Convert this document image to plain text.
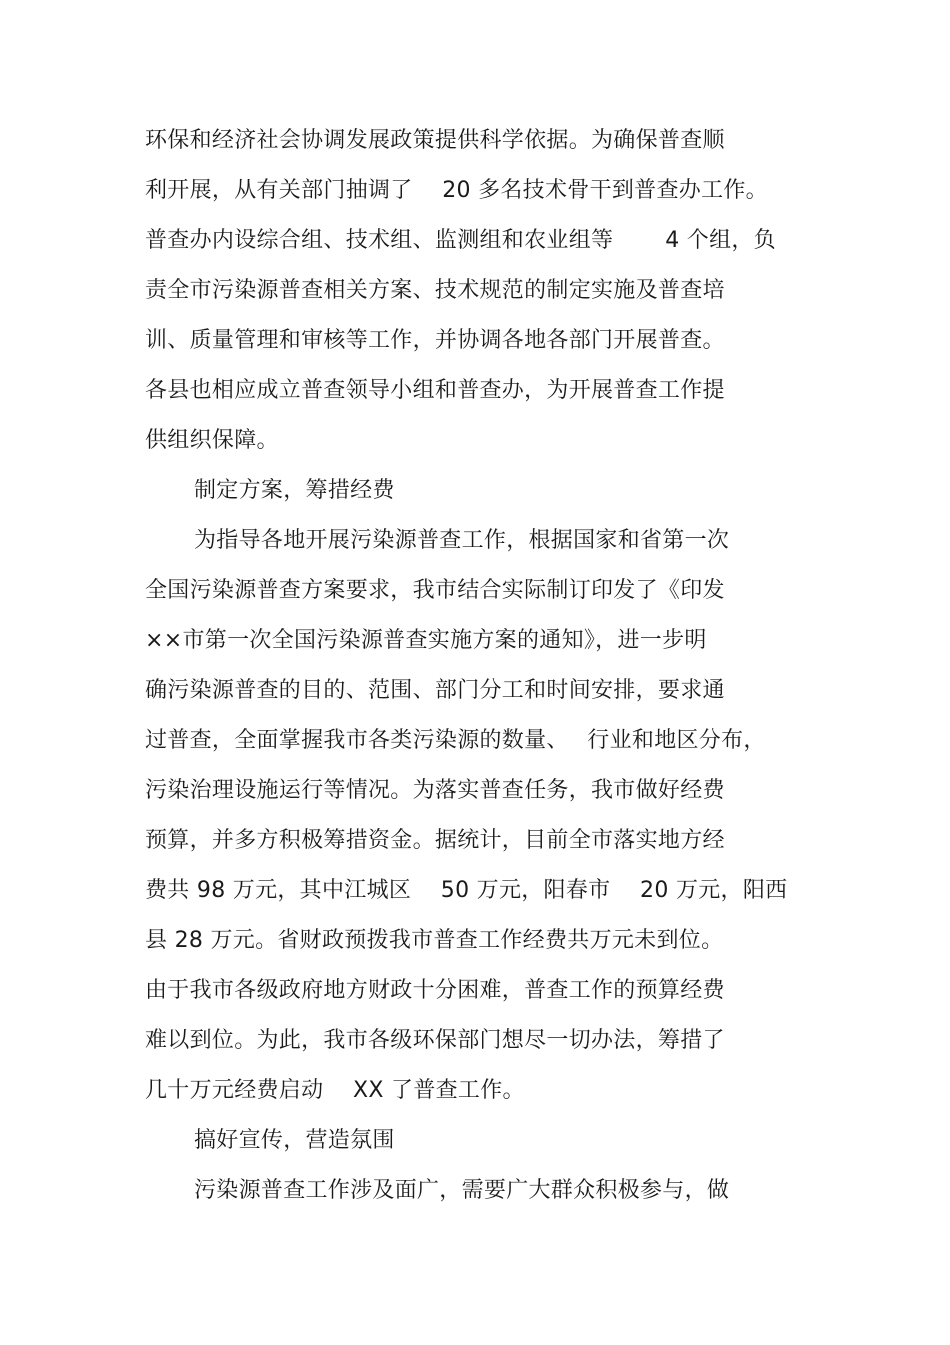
环保和经济社会协调发展政策提供科学依据。为确保普查顺
利开展，从有关部门抽调了　 20 多名技术骨干到普查办工作。
普查办内设综合组、技术组、监测组和农业组等　　 4 个组，负
责全市污染源普查相关方案、技术规范的制定实施及普查培
训、质量管理和审核等工作，并协调各地各部门开展普查。
各县也相应成立普查领导小组和普查办，为开展普查工作提
供组织保障。
制定方案，筹措经费
为指导各地开展污染源普查工作，根据国家和省第一次
全国污染源普查方案要求，我市结合实际制订印发了《印发
××市第一次全国污染源普查实施方案的通知》，进一步明
确污染源普查的目的、范围、部门分工和时间安排，要求通
过普查，全面掌握我市各类污染源的数量、　 行业和地区分布，
污染治理设施运行等情况。为落实普查任务，我市做好经费
预算，并多方积极筹措资金。据统计，目前全市落实地方经
费共 98 万元，其中江城区　 50 万元，阳春市　 20 万元，阳西
县 28 万元。省财政预拨我市普查工作经费共万元未到位。
由于我市各级政府地方财政十分困难，普查工作的预算经费
难以到位。为此，我市各级环保部门想尽一切办法，筹措了
几十万元经费启动　 XX 了普查工作。
搞好宣传，营造氛围
污染源普查工作涉及面广，需要广大群众积极参与，做
